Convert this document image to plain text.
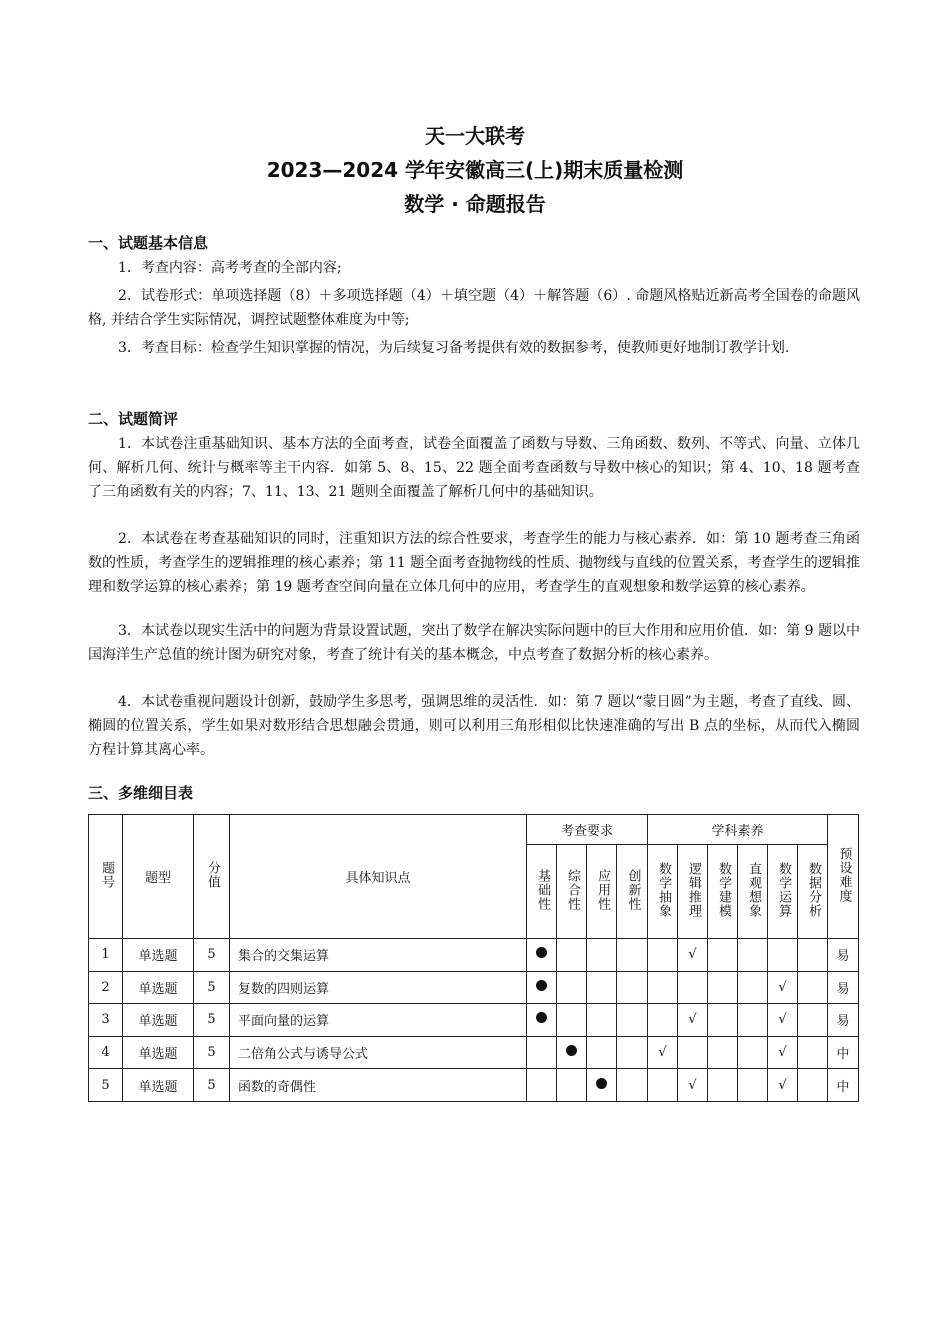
天一大联考
2023—2024 学年安徽高三(上)期末质量检测
数学 · 命题报告
一、试题基本信息
1．考查内容：高考考查的全部内容;
2．试卷形式：单项选择题（8）＋多项选择题（4）＋填空题（4）＋解答题（6）. 命题风格贴近新高考全国卷的命题风格, 并结合学生实际情况，调控试题整体难度为中等;
3．考查目标：检查学生知识掌握的情况，为后续复习备考提供有效的数据参考，使教师更好地制订教学计划.
二、试题简评
1．本试卷注重基础知识、基本方法的全面考查，试卷全面覆盖了函数与导数、三角函数、数列、不等式、向量、立体几何、解析几何、统计与概率等主干内容．如第 5、8、15、22 题全面考查函数与导数中核心的知识；第 4、10、18 题考查了三角函数有关的内容；7、11、13、21 题则全面覆盖了解析几何中的基础知识。
2．本试卷在考查基础知识的同时，注重知识方法的综合性要求，考查学生的能力与核心素养．如：第 10 题考查三角函数的性质，考查学生的逻辑推理的核心素养；第 11 题全面考查抛物线的性质、抛物线与直线的位置关系，考查学生的逻辑推理和数学运算的核心素养；第 19 题考查空间向量在立体几何中的应用，考查学生的直观想象和数学运算的核心素养。
3．本试卷以现实生活中的问题为背景设置试题，突出了数学在解决实际问题中的巨大作用和应用价值．如：第 9 题以中国海洋生产总值的统计图为研究对象，考查了统计有关的基本概念，中点考查了数据分析的核心素养。
4．本试卷重视问题设计创新，鼓励学生多思考，强调思维的灵活性．如：第 7 题以“蒙日圆”为主题，考查了直线、圆、椭圆的位置关系，学生如果对数形结合思想融会贯通，则可以利用三角形相似比快速准确的写出 B 点的坐标，从而代入椭圆方程计算其离心率。
三、多维细目表
题号	题型	分值	具体知识点	考查要求				学科素养						预设难度
				基础性	综合性	应用性	创新性	数学抽象	逻辑推理	数学建模	直观想象	数学运算	数据分析	
1	单选题	5	集合的交集运算						√					易
2	单选题	5	复数的四则运算									√		易
3	单选题	5	平面向量的运算						√			√		易
4	单选题	5	二倍角公式与诱导公式					√				√		中
5	单选题	5	函数的奇偶性						√			√		中
